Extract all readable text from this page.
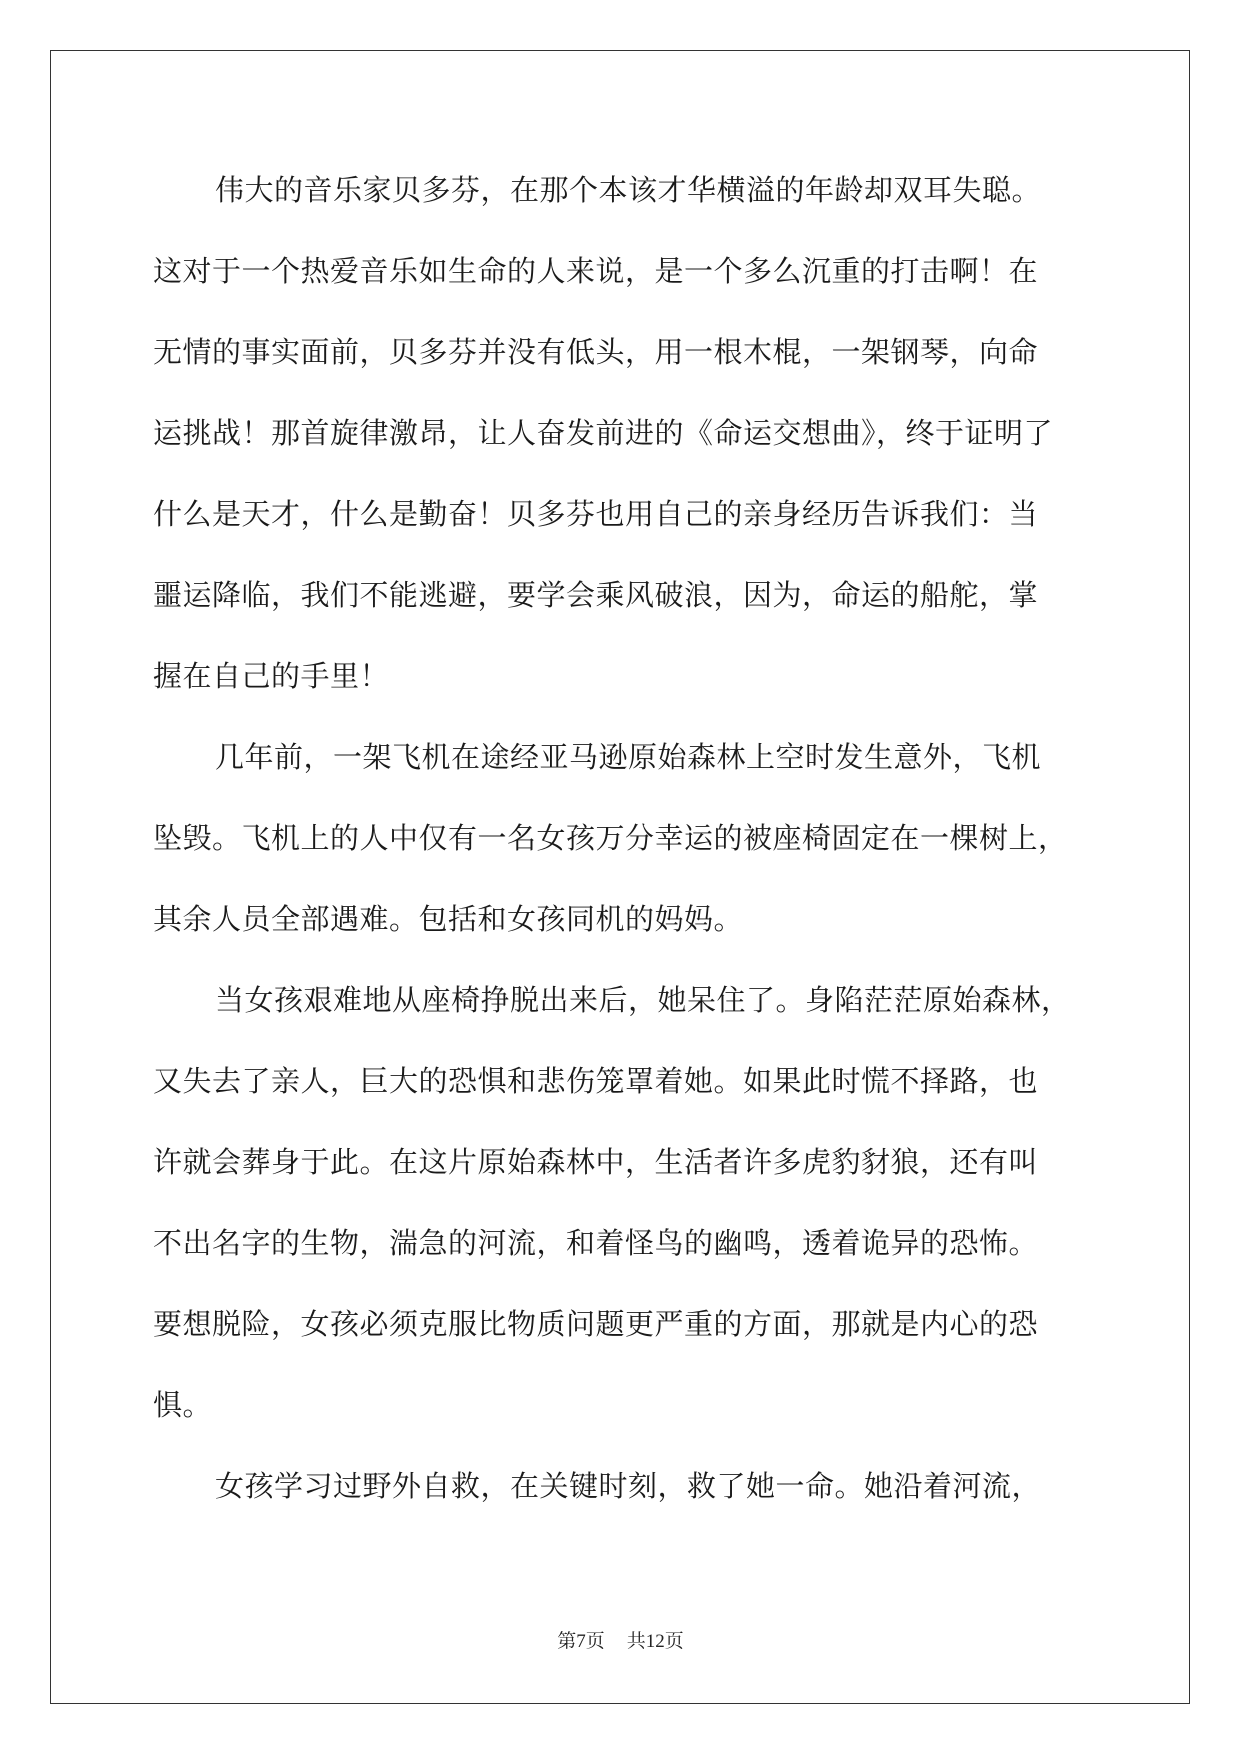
伟大的音乐家贝多芬，在那个本该才华横溢的年龄却双耳失聪。
这对于一个热爱音乐如生命的人来说，是一个多么沉重的打击啊！在
无情的事实面前，贝多芬并没有低头，用一根木棍，一架钢琴，向命
运挑战！那首旋律激昂，让人奋发前进的《命运交想曲》，终于证明了
什么是天才，什么是勤奋！贝多芬也用自己的亲身经历告诉我们：当
噩运降临，我们不能逃避，要学会乘风破浪，因为，命运的船舵，掌
握在自己的手里！
几年前，一架飞机在途经亚马逊原始森林上空时发生意外，飞机
坠毁。飞机上的人中仅有一名女孩万分幸运的被座椅固定在一棵树上，
其余人员全部遇难。包括和女孩同机的妈妈。
当女孩艰难地从座椅挣脱出来后，她呆住了。身陷茫茫原始森林，
又失去了亲人，巨大的恐惧和悲伤笼罩着她。如果此时慌不择路，也
许就会葬身于此。在这片原始森林中，生活者许多虎豹豺狼，还有叫
不出名字的生物，湍急的河流，和着怪鸟的幽鸣，透着诡异的恐怖。
要想脱险，女孩必须克服比物质问题更严重的方面，那就是内心的恐
惧。
女孩学习过野外自救，在关键时刻，救了她一命。她沿着河流，
第7页 共12页
